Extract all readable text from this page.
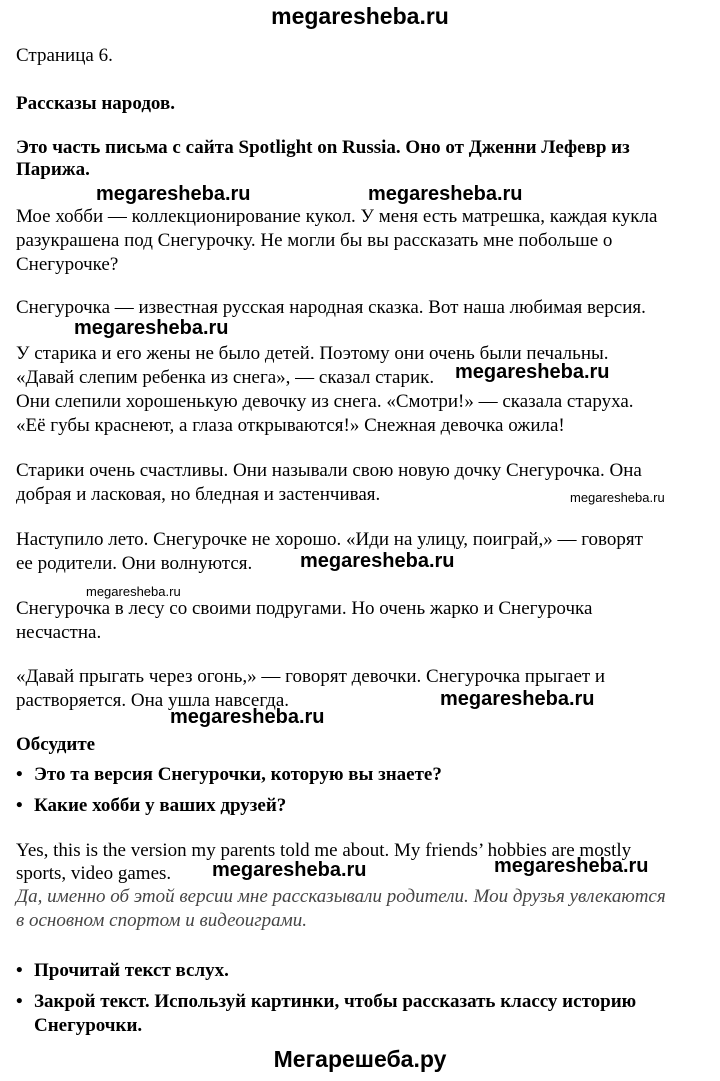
megaresheba.ru
megaresheba.ru	megaresheba.ru
megaresheba.ru
megaresheba.ru
megaresheba.ru
megaresheba.ru
megaresheba.ru
megaresheba.ru
megaresheba.ru
megaresheba.ru	megaresheba.ru
Мегарешеба.ру
Страница 6.
Рассказы народов.
Это часть письма с сайта Spotlight on Russia. Оно от Дженни Лефевр из
Парижа.
Мое хобби — коллекционирование кукол. У меня есть матрешка, каждая кукла
разукрашена под Снегурочку. Не могли бы вы рассказать мне побольше о
Снегурочке?
Снегурочка — известная русская народная сказка. Вот наша любимая версия.
У старика и его жены не было детей. Поэтому они очень были печальны.
«Давай слепим ребенка из снега», — сказал старик.
Они слепили хорошенькую девочку из снега. «Смотри!» — сказала старуха.
«Её губы краснеют, а глаза открываются!» Снежная девочка ожила!
Старики очень счастливы. Они называли свою новую дочку Снегурочка. Она
добрая и ласковая, но бледная и застенчивая.
Наступило лето. Снегурочке не хорошо. «Иди на улицу, поиграй,» — говорят
ее родители. Они волнуются.
Снегурочка в лесу со своими подругами. Но очень жарко и Снегурочка
несчастна.
«Давай прыгать через огонь,» — говорят девочки. Снегурочка прыгает и
растворяется. Она ушла навсегда.
Обсудите
• Это та версия Снегурочки, которую вы знаете?
• Какие хобби у ваших друзей?
Yes, this is the version my parents told me about. My friends’ hobbies are mostly
sports, video games.
Да, именно об этой версии мне рассказывали родители. Мои друзья увлекаются
в основном спортом и видеоиграми.
• Прочитай текст вслух.
• Закрой текст. Используй картинки, чтобы рассказать классу историю
Снегурочки.
